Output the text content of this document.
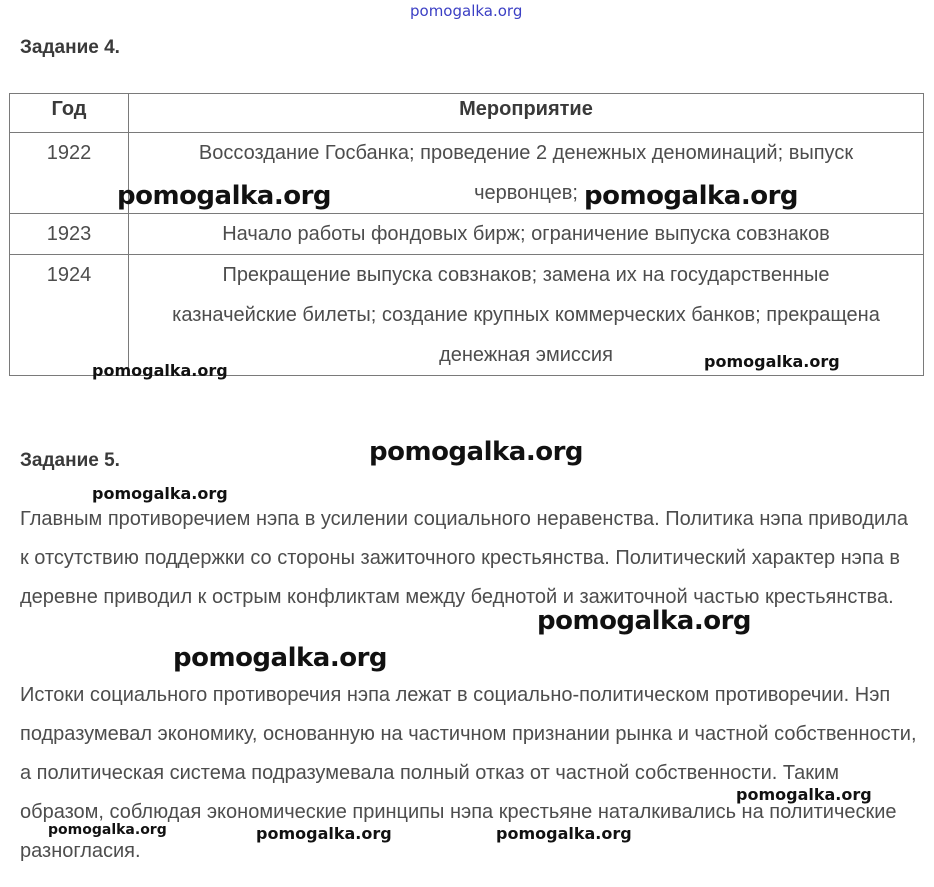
pomogalka.org
Задание 4.
Год	Мероприятие
1922	Воссоздание Госбанка; проведение 2 денежных деноминаций; выпуск червонцев;

1923	Начало работы фондовых бирж; ограничение выпуска совзнаков

1924	Прекращение выпуска совзнаков; замена их на государственные казначейские билеты; создание крупных коммерческих банков; прекращена денежная эмиссия
Задание 5.
Главным противоречием нэпа в усилении социального неравенства. Политика нэпа приводила к отсутствию поддержки со стороны зажиточного крестьянства. Политический характер нэпа в деревне приводил к острым конфликтам между беднотой и зажиточной частью крестьянства.
Истоки социального противоречия нэпа лежат в социально-политическом противоречии. Нэп подразумевал экономику, основанную на частичном признании рынка и частной собственности, а политическая система подразумевала полный отказ от частной собственности. Таким образом, соблюдая экономические принципы нэпа крестьяне наталкивались на политические разногласия.
pomogalka.org	pomogalka.org
pomogalka.org	pomogalka.org
pomogalka.org
pomogalka.org
pomogalka.org
pomogalka.org
pomogalka.org
pomogalka.org	pomogalka.org	pomogalka.org
